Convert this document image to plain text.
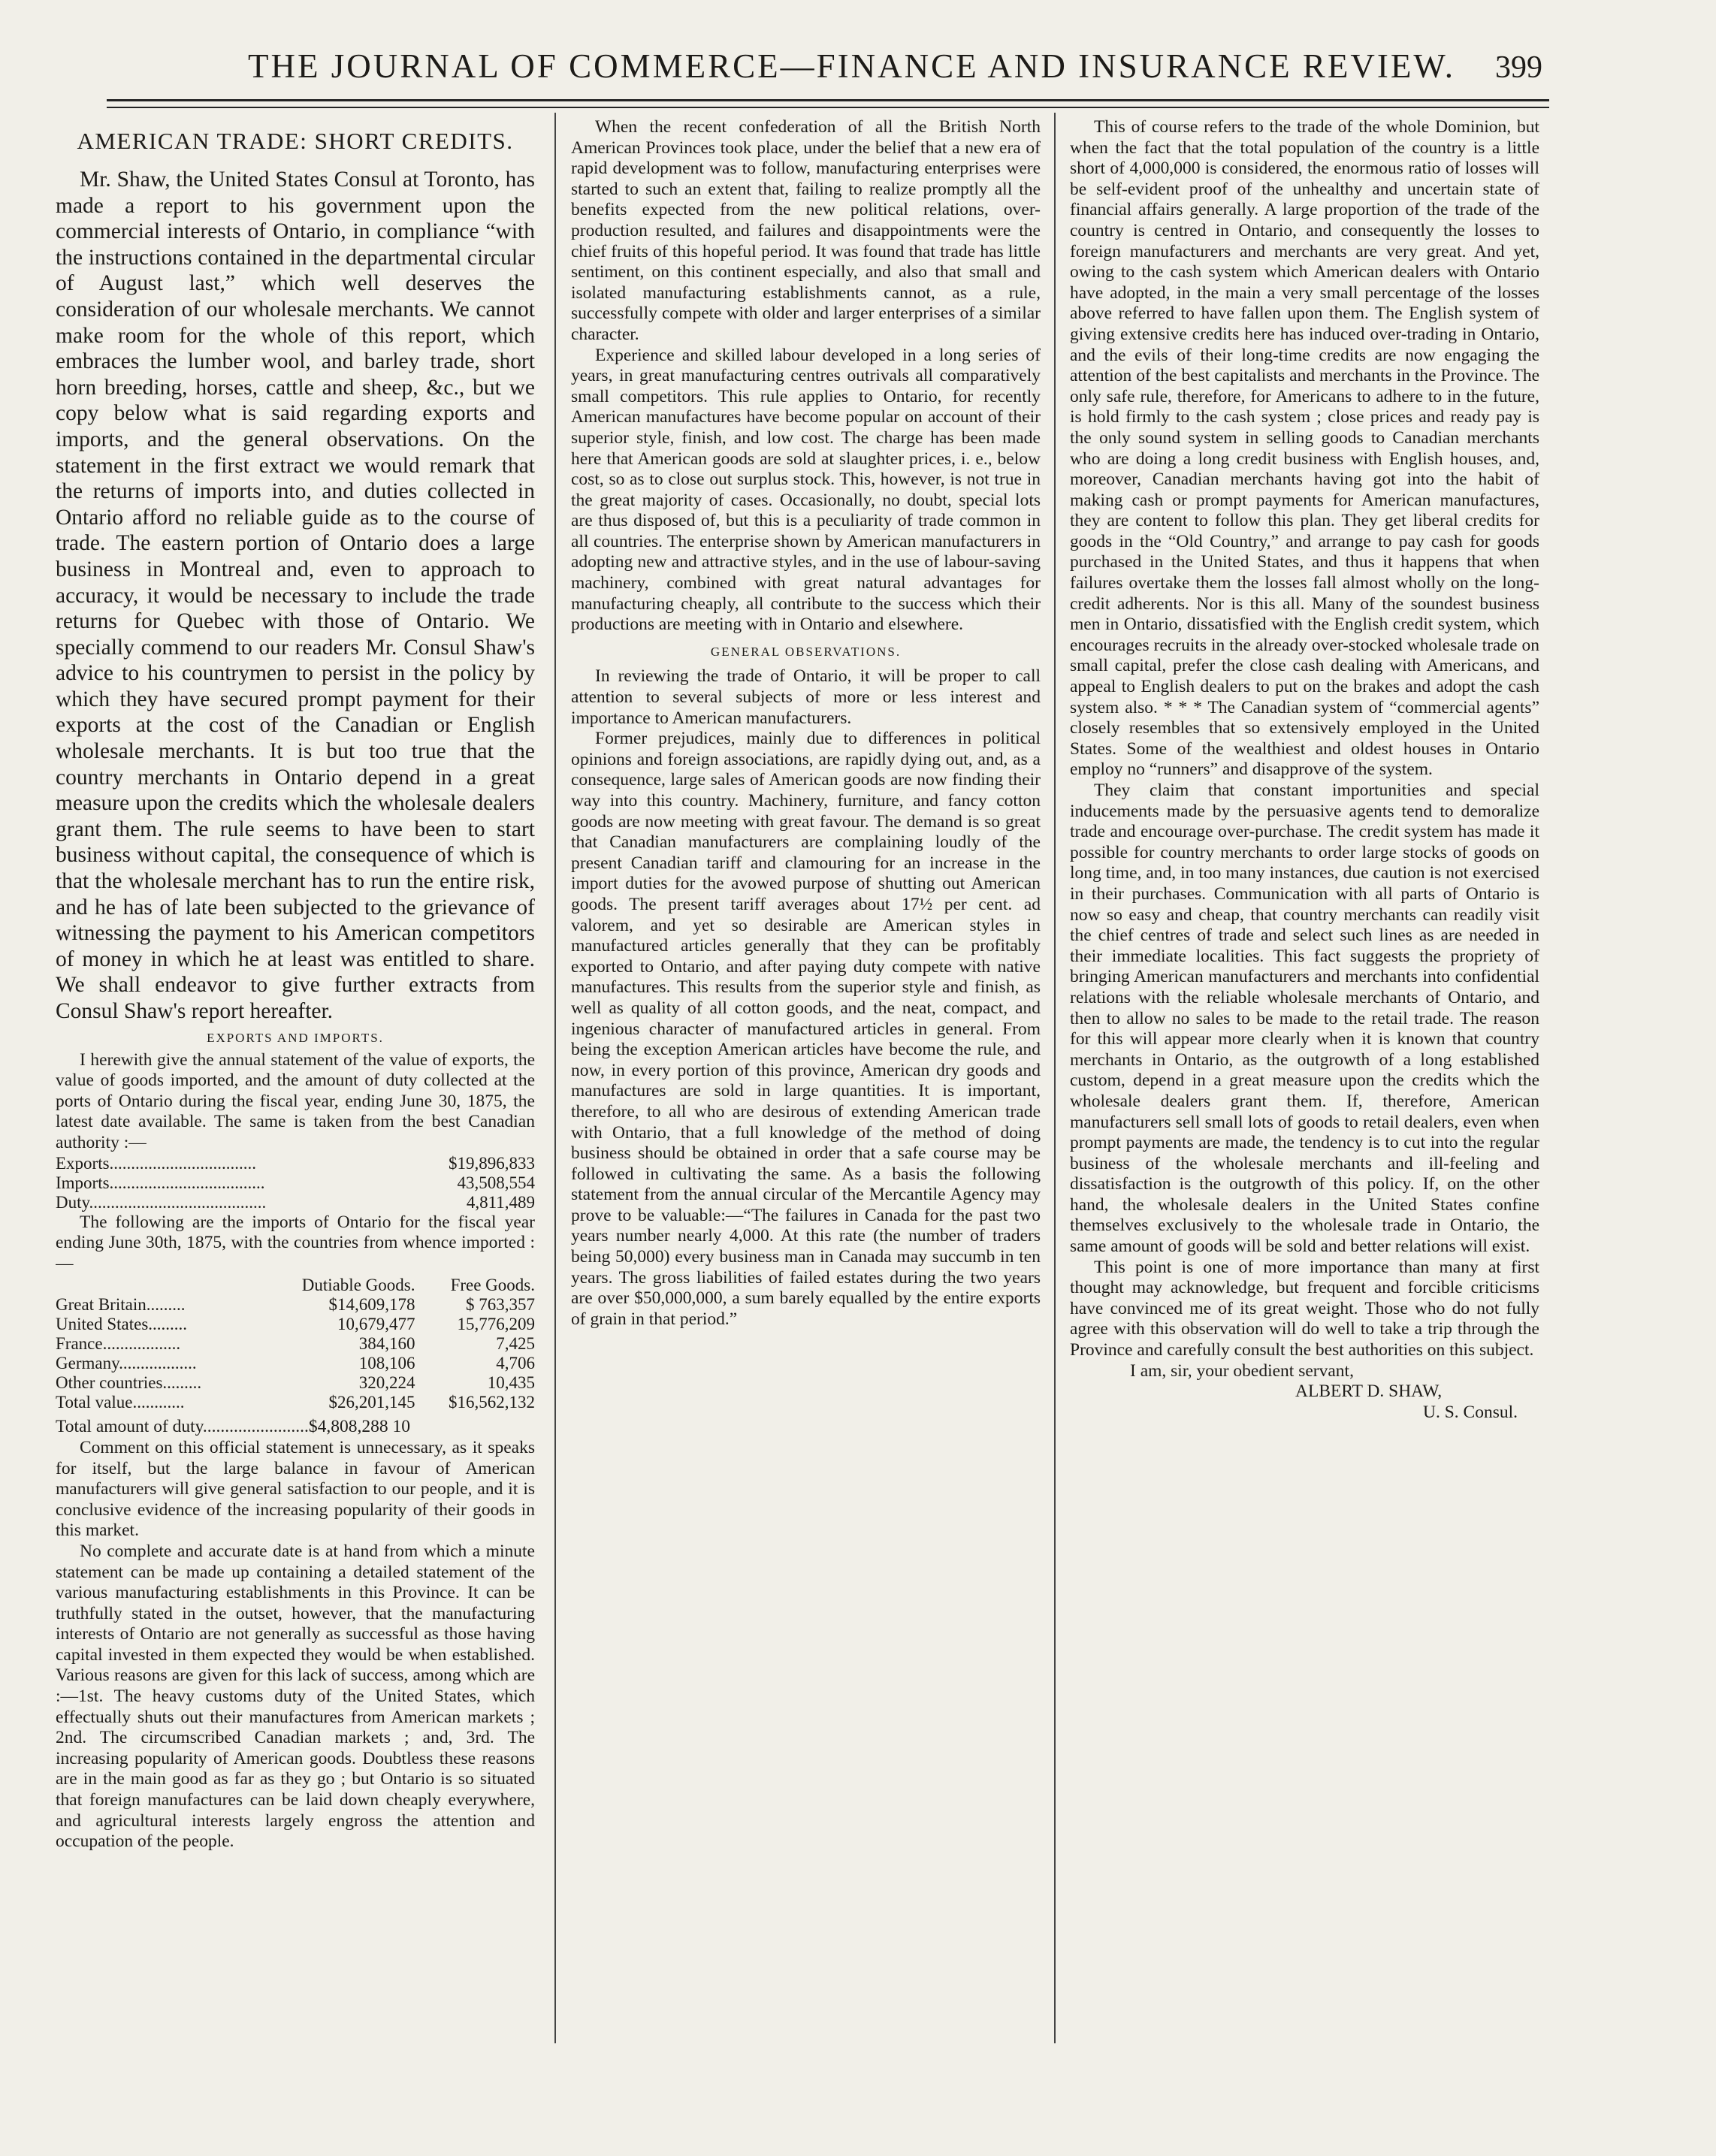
THE JOURNAL OF COMMERCE—FINANCE AND INSURANCE REVIEW. 399
AMERICAN TRADE: SHORT CREDITS.

Mr. Shaw, the United States Consul at Toronto, has made a report to his government upon the commercial interests of Ontario, in compliance “with the instructions contained in the departmental circular of August last,” which well deserves the consideration of our wholesale merchants. We cannot make room for the whole of this report, which embraces the lumber wool, and barley trade, short horn breeding, horses, cattle and sheep, &c., but we copy below what is said regarding exports and imports, and the general observations. On the statement in the first extract we would remark that the returns of imports into, and duties collected in Ontario afford no reliable guide as to the course of trade. The eastern portion of Ontario does a large business in Montreal and, even to approach to accuracy, it would be necessary to include the trade returns for Quebec with those of Ontario. We specially commend to our readers Mr. Consul Shaw's advice to his countrymen to persist in the policy by which they have secured prompt payment for their exports at the cost of the Canadian or English wholesale merchants. It is but too true that the country merchants in Ontario depend in a great measure upon the credits which the wholesale dealers grant them. The rule seems to have been to start business without capital, the consequence of which is that the wholesale merchant has to run the entire risk, and he has of late been subjected to the grievance of witnessing the payment to his American competitors of money in which he at least was entitled to share. We shall endeavor to give further extracts from Consul Shaw's report hereafter.

EXPORTS AND IMPORTS.

I herewith give the annual statement of the value of exports, the value of goods imported, and the amount of duty collected at the ports of Ontario during the fiscal year, ending June 30, 1875, the latest date available. The same is taken from the best Canadian authority :—

Exports..................................	$19,896,833
Imports....................................	43,508,554
Duty.........................................	4,811,489

The following are the imports of Ontario for the fiscal year ending June 30th, 1875, with the countries from whence imported :—

	Dutiable Goods.	Free Goods.
Great Britain.........	$14,609,178	$ 763,357
United States.........	10,679,477	15,776,209
France..................	384,160	7,425
Germany..................	108,106	4,706
Other countries.........	320,224	10,435
Total value............	$26,201,145	$16,562,132
Total amount of duty........................$4,808,288 10

Comment on this official statement is unnecessary, as it speaks for itself, but the large balance in favour of American manufacturers will give general satisfaction to our people, and it is conclusive evidence of the increasing popularity of their goods in this market.

No complete and accurate date is at hand from which a minute statement can be made up containing a detailed statement of the various manufacturing establishments in this Province. It can be truthfully stated in the outset, however, that the manufacturing interests of Ontario are not generally as successful as those having capital invested in them expected they would be when established. Various reasons are given for this lack of success, among which are :—1st. The heavy customs duty of the United States, which effectually shuts out their manufactures from American markets ; 2nd. The circumscribed Canadian markets ; and, 3rd. The increasing popularity of American goods. Doubtless these reasons are in the main good as far as they go ; but Ontario is so situated that foreign manufactures can be laid down cheaply everywhere, and agricultural interests largely engross the attention and occupation of the people.

When the recent confederation of all the British North American Provinces took place, under the belief that a new era of rapid development was to follow, manufacturing enterprises were started to such an extent that, failing to realize promptly all the benefits expected from the new political relations, over-production resulted, and failures and disappointments were the chief fruits of this hopeful period. It was found that trade has little sentiment, on this continent especially, and also that small and isolated manufacturing establishments cannot, as a rule, successfully compete with older and larger enterprises of a similar character.

Experience and skilled labour developed in a long series of years, in great manufacturing centres outrivals all comparatively small competitors. This rule applies to Ontario, for recently American manufactures have become popular on account of their superior style, finish, and low cost. The charge has been made here that American goods are sold at slaughter prices, i. e., below cost, so as to close out surplus stock. This, however, is not true in the great majority of cases. Occasionally, no doubt, special lots are thus disposed of, but this is a peculiarity of trade common in all countries. The enterprise shown by American manufacturers in adopting new and attractive styles, and in the use of labour-saving machinery, combined with great natural advantages for manufacturing cheaply, all contribute to the success which their productions are meeting with in Ontario and elsewhere.

GENERAL OBSERVATIONS.

In reviewing the trade of Ontario, it will be proper to call attention to several subjects of more or less interest and importance to American manufacturers.

Former prejudices, mainly due to differences in political opinions and foreign associations, are rapidly dying out, and, as a consequence, large sales of American goods are now finding their way into this country. Machinery, furniture, and fancy cotton goods are now meeting with great favour. The demand is so great that Canadian manufacturers are complaining loudly of the present Canadian tariff and clamouring for an increase in the import duties for the avowed purpose of shutting out American goods. The present tariff averages about 17½ per cent. ad valorem, and yet so desirable are American styles in manufactured articles generally that they can be profitably exported to Ontario, and after paying duty compete with native manufactures. This results from the superior style and finish, as well as quality of all cotton goods, and the neat, compact, and ingenious character of manufactured articles in general. From being the exception American articles have become the rule, and now, in every portion of this province, American dry goods and manufactures are sold in large quantities. It is important, therefore, to all who are desirous of extending American trade with Ontario, that a full knowledge of the method of doing business should be obtained in order that a safe course may be followed in cultivating the same. As a basis the following statement from the annual circular of the Mercantile Agency may prove to be valuable:—“The failures in Canada for the past two years number nearly 4,000. At this rate (the number of traders being 50,000) every business man in Canada may succumb in ten years. The gross liabilities of failed estates during the two years are over $50,000,000, a sum barely equalled by the entire exports of grain in that period.”

This of course refers to the trade of the whole Dominion, but when the fact that the total population of the country is a little short of 4,000,000 is considered, the enormous ratio of losses will be self-evident proof of the unhealthy and uncertain state of financial affairs generally. A large proportion of the trade of the country is centred in Ontario, and consequently the losses to foreign manufacturers and merchants are very great. And yet, owing to the cash system which American dealers with Ontario have adopted, in the main a very small percentage of the losses above referred to have fallen upon them. The English system of giving extensive credits here has induced over-trading in Ontario, and the evils of their long-time credits are now engaging the attention of the best capitalists and merchants in the Province. The only safe rule, therefore, for Americans to adhere to in the future, is hold firmly to the cash system ; close prices and ready pay is the only sound system in selling goods to Canadian merchants who are doing a long credit business with English houses, and, moreover, Canadian merchants having got into the habit of making cash or prompt payments for American manufactures, they are content to follow this plan. They get liberal credits for goods in the “Old Country,” and arrange to pay cash for goods purchased in the United States, and thus it happens that when failures overtake them the losses fall almost wholly on the long-credit adherents. Nor is this all. Many of the soundest business men in Ontario, dissatisfied with the English credit system, which encourages recruits in the already over-stocked wholesale trade on small capital, prefer the close cash dealing with Americans, and appeal to English dealers to put on the brakes and adopt the cash system also. * * * The Canadian system of “commercial agents” closely resembles that so extensively employed in the United States. Some of the wealthiest and oldest houses in Ontario employ no “runners” and disapprove of the system.

They claim that constant importunities and special inducements made by the persuasive agents tend to demoralize trade and encourage over-purchase. The credit system has made it possible for country merchants to order large stocks of goods on long time, and, in too many instances, due caution is not exercised in their purchases. Communication with all parts of Ontario is now so easy and cheap, that country merchants can readily visit the chief centres of trade and select such lines as are needed in their immediate localities. This fact suggests the propriety of bringing American manufacturers and merchants into confidential relations with the reliable wholesale merchants of Ontario, and then to allow no sales to be made to the retail trade. The reason for this will appear more clearly when it is known that country merchants in Ontario, as the outgrowth of a long established custom, depend in a great measure upon the credits which the wholesale dealers grant them. If, therefore, American manufacturers sell small lots of goods to retail dealers, even when prompt payments are made, the tendency is to cut into the regular business of the wholesale merchants and ill-feeling and dissatisfaction is the outgrowth of this policy. If, on the other hand, the wholesale dealers in the United States confine themselves exclusively to the wholesale trade in Ontario, the same amount of goods will be sold and better relations will exist.

This point is one of more importance than many at first thought may acknowledge, but frequent and forcible criticisms have convinced me of its great weight. Those who do not fully agree with this observation will do well to take a trip through the Province and carefully consult the best authorities on this subject.

I am, sir, your obedient servant,
ALBERT D. SHAW,
U. S. Consul.
